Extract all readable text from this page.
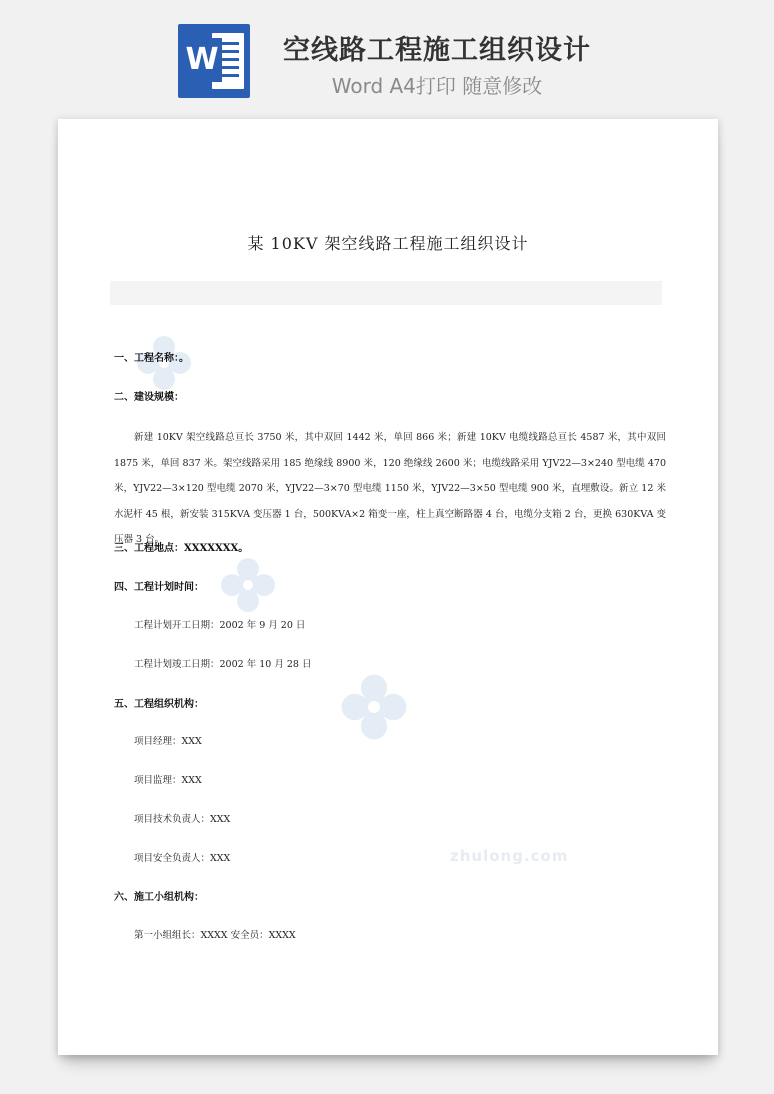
W	空线路工程施工组织设计
Word A4打印 随意修改
zhulong.com
某 10KV 架空线路工程施工组织设计
一、工程名称：。
二、建设规模：
新建 10KV 架空线路总亘长 3750 米，其中双回 1442 米，单回 866 米；新建 10KV 电缆线路总亘长 4587 米，其中双回 1875 米，单回 837 米。架空线路采用 185 绝缘线 8900 米，120 绝缘线 2600 米；电缆线路采用 YJV22—3×240 型电缆 470 米，YJV22—3×120 型电缆 2070 米，YJV22—3×70 型电缆 1150 米，YJV22—3×50 型电缆 900 米，直埋敷设。新立 12 米水泥杆 45 根，新安装 315KVA 变压器 1 台，500KVA×2 箱变一座，柱上真空断路器 4 台，电缆分支箱 2 台，更换 630KVA 变压器 3 台。
三、工程地点：XXXXXXX。
四、工程计划时间：
工程计划开工日期：2002 年 9 月 20 日
工程计划竣工日期：2002 年 10 月 28 日
五、工程组织机构：
项目经理：XXX
项目监理：XXX
项目技术负责人：XXX
项目安全负责人：XXX
六、施工小组机构：
第一小组组长：XXXX 安全员：XXXX
